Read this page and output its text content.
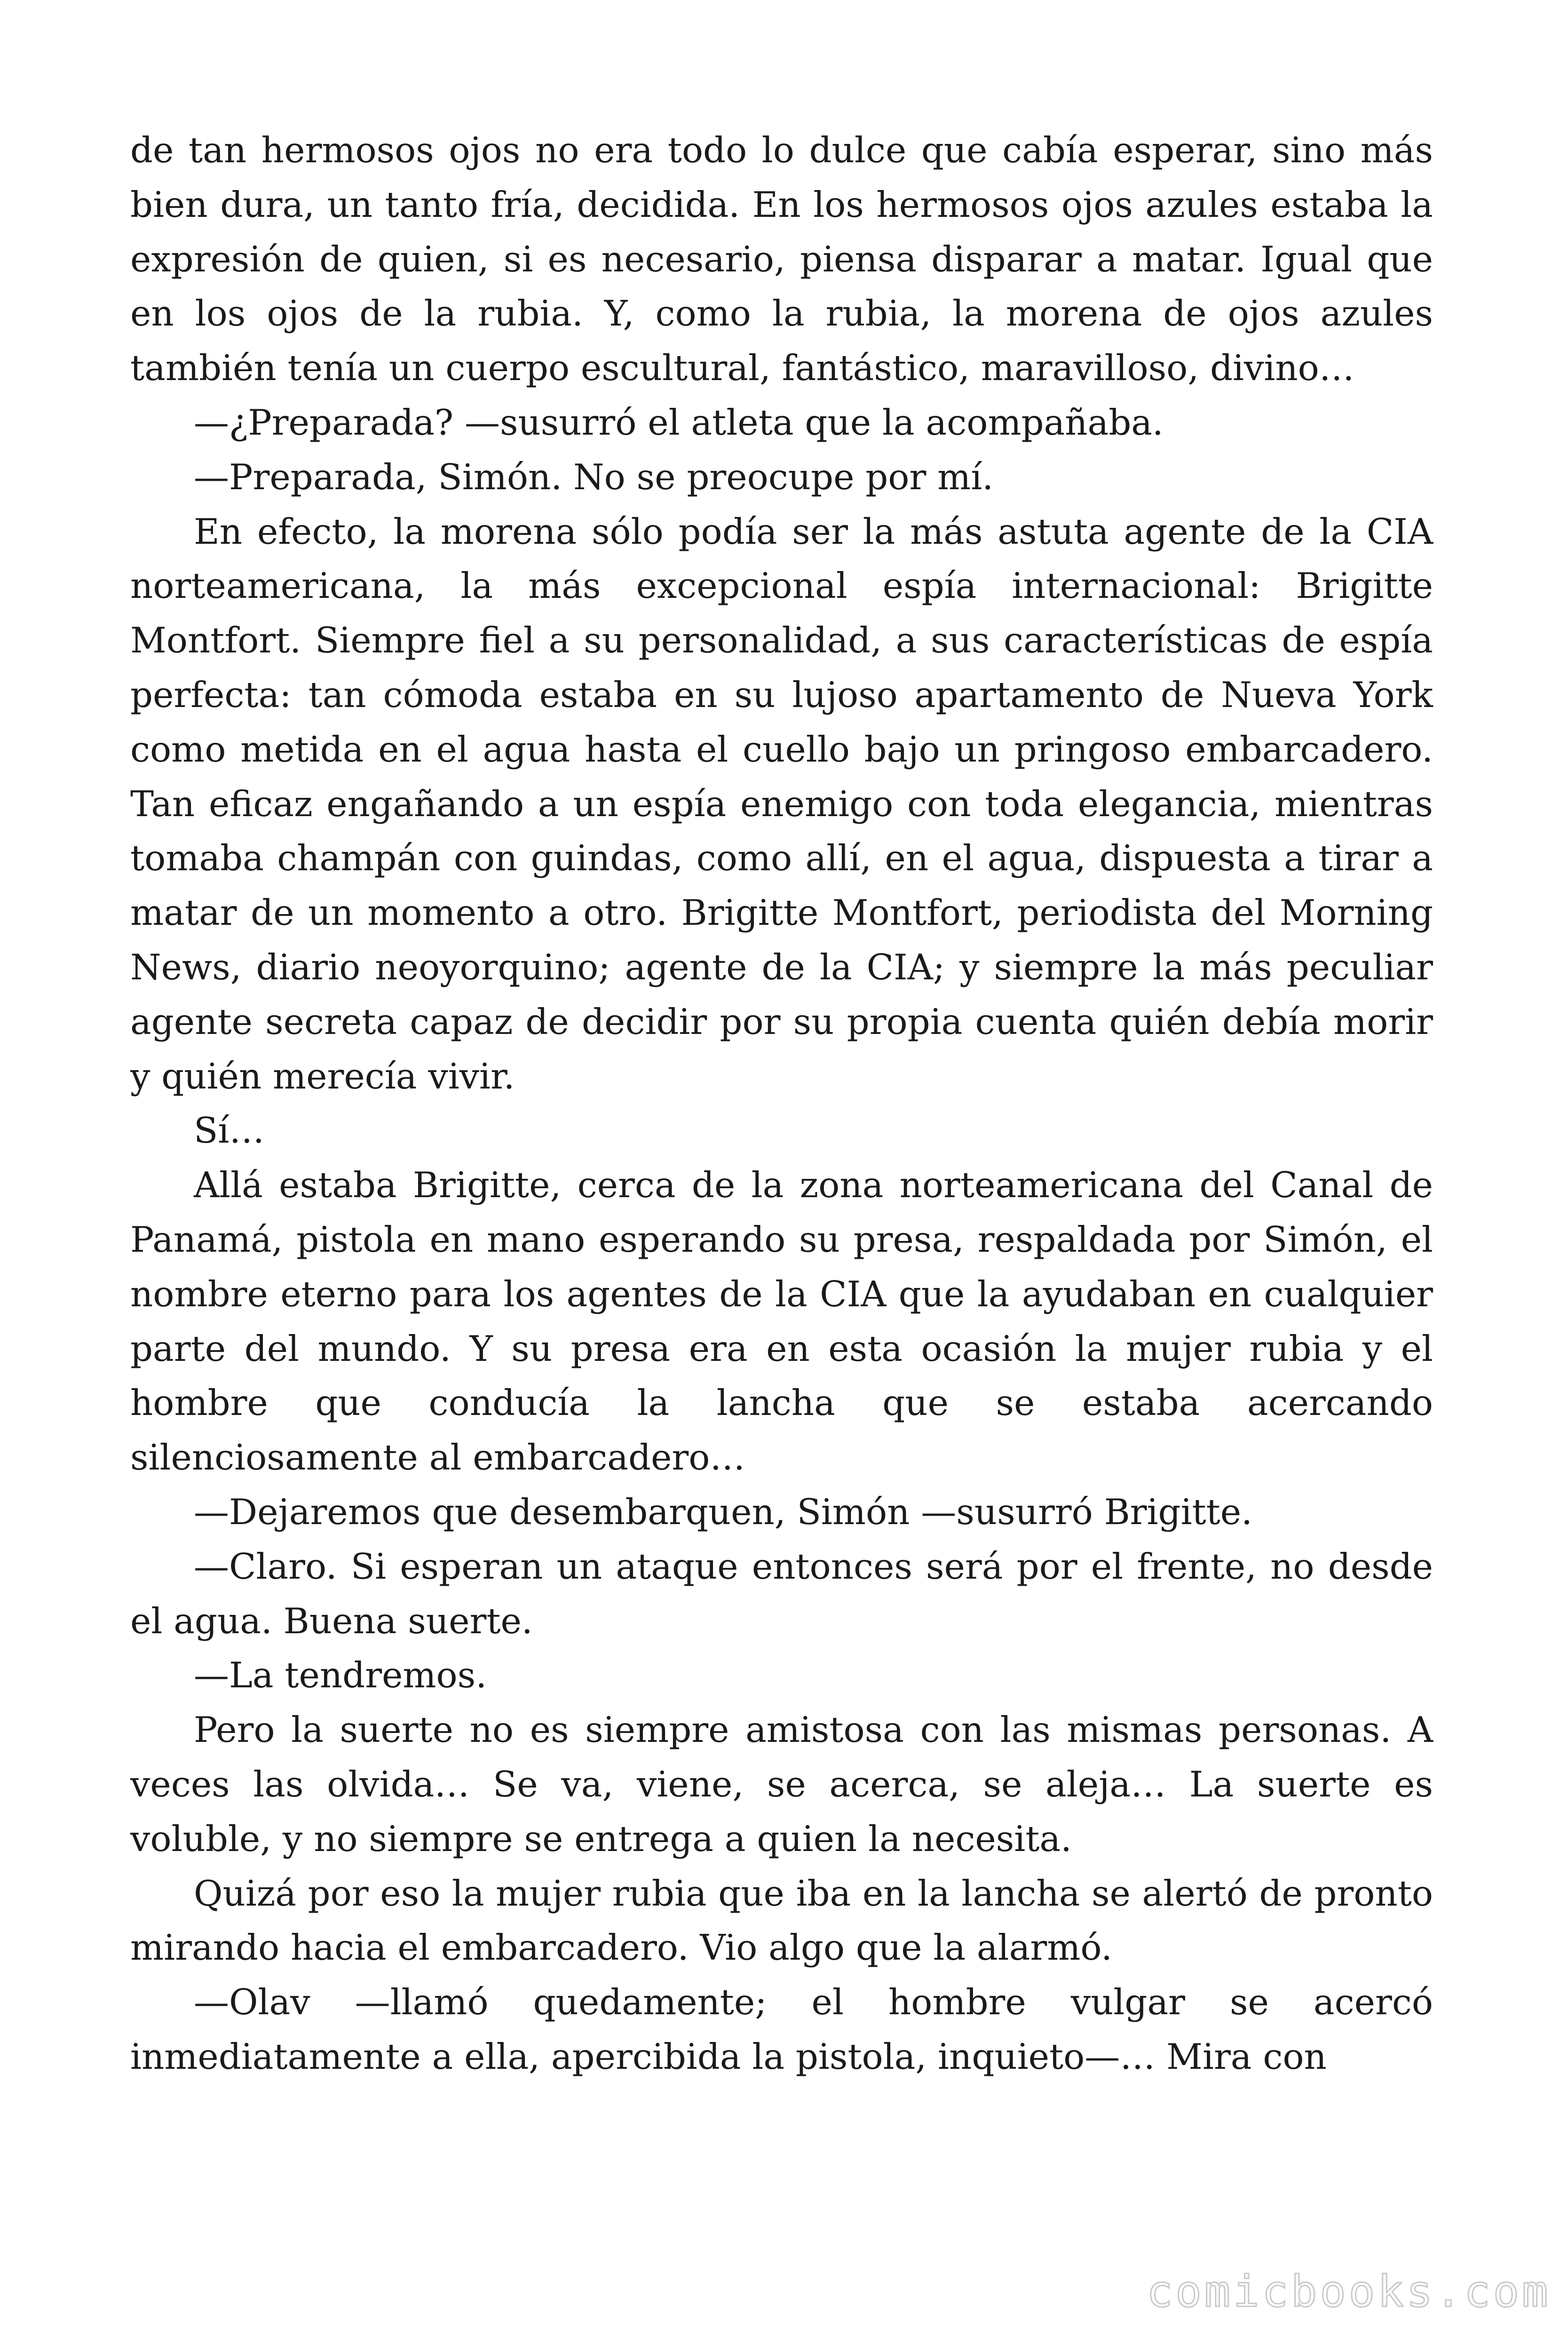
de tan hermosos ojos no era todo lo dulce que cabía esperar, sino más bien dura, un tanto fría, decidida. En los hermosos ojos azules estaba la expresión de quien, si es necesario, piensa disparar a matar. Igual que en los ojos de la rubia. Y, como la rubia, la morena de ojos azules también tenía un cuerpo escultural, fantástico, maravilloso, divino…

—¿Preparada? —susurró el atleta que la acompañaba.

—Preparada, Simón. No se preocupe por mí.

En efecto, la morena sólo podía ser la más astuta agente de la CIA norteamericana, la más excepcional espía internacional: Brigitte Montfort. Siempre fiel a su personalidad, a sus características de espía perfecta: tan cómoda estaba en su lujoso apartamento de Nueva York como metida en el agua hasta el cuello bajo un pringoso embarcadero. Tan eficaz engañando a un espía enemigo con toda elegancia, mientras tomaba champán con guindas, como allí, en el agua, dispuesta a tirar a matar de un momento a otro. Brigitte Montfort, periodista del Morning News, diario neoyorquino; agente de la CIA; y siempre la más peculiar agente secreta capaz de decidir por su propia cuenta quién debía morir y quién merecía vivir.

Sí…

Allá estaba Brigitte, cerca de la zona norteamericana del Canal de Panamá, pistola en mano esperando su presa, respaldada por Simón, el nombre eterno para los agentes de la CIA que la ayudaban en cualquier parte del mundo. Y su presa era en esta ocasión la mujer rubia y el hombre que conducía la lancha que se estaba acercando silenciosamente al embarcadero…

—Dejaremos que desembarquen, Simón —susurró Brigitte.

—Claro. Si esperan un ataque entonces será por el frente, no desde el agua. Buena suerte.

—La tendremos.

Pero la suerte no es siempre amistosa con las mismas personas. A veces las olvida… Se va, viene, se acerca, se aleja… La suerte es voluble, y no siempre se entrega a quien la necesita.

Quizá por eso la mujer rubia que iba en la lancha se alertó de pronto mirando hacia el embarcadero. Vio algo que la alarmó.

—Olav —llamó quedamente; el hombre vulgar se acercó inmediatamente a ella, apercibida la pistola, inquieto—… Mira con

comicbooks.com
